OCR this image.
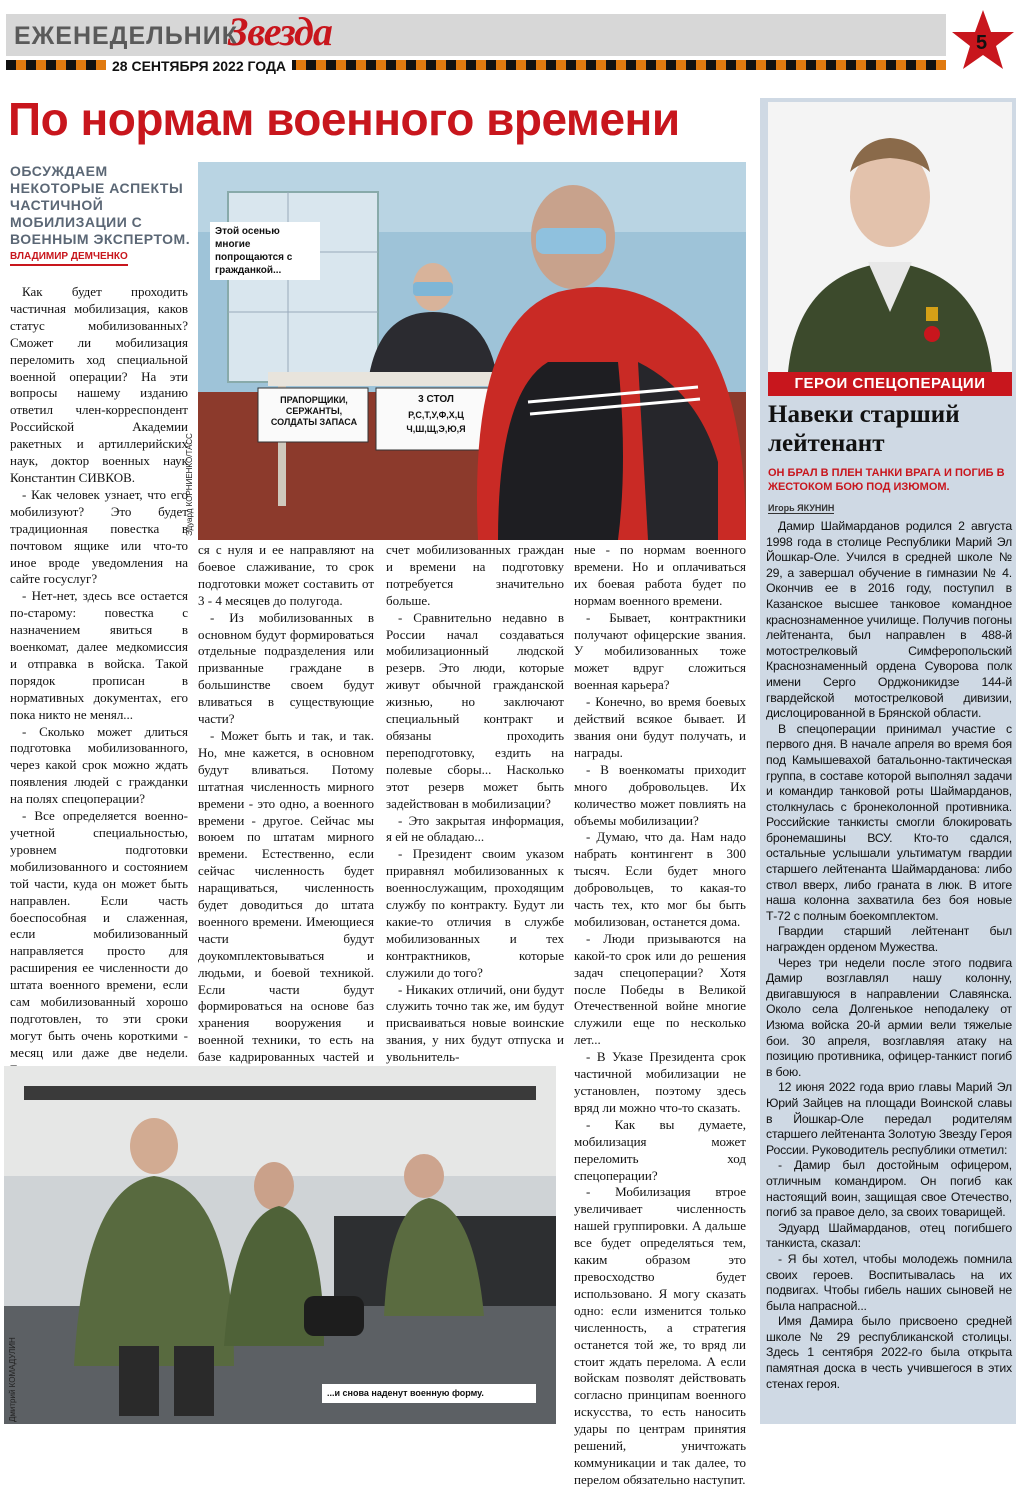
ЕЖЕНЕДЕЛЬНИК
Звезда
28 СЕНТЯБРЯ 2022 ГОДА
5
По нормам военного времени
ОБСУЖДАЕМ НЕКОТОРЫЕ АСПЕКТЫ ЧАСТИЧНОЙ МОБИЛИЗАЦИИ С ВОЕННЫМ ЭКСПЕРТОМ.
ВЛАДИМИР ДЕМЧЕНКО
ПРАПОРЩИКИ, СЕРЖАНТЫ, СОЛДАТЫ ЗАПАСА
3 СТОЛ
Р,С,Т,У,Ф,Х,Ц Ч,Ш,Щ,Э,Ю,Я
Этой осенью многие попрощаются с гражданкой...
Эдуард КОРНИЕНКО/ТАСС

Как будет проходить частичная мобилизация, каков статус мобилизованных? Сможет ли мобилизация переломить ход специальной военной операции? На эти вопросы нашему изданию ответил член-корреспондент Российской Академии ракетных и артиллерийских наук, доктор военных наук Константин СИВКОВ.

- Как человек узнает, что его мобилизуют? Это будет традиционная повестка в почтовом ящике или что-то иное вроде уведомления на сайте госуслуг?

- Нет-нет, здесь все остается по-старому: повестка с назначением явиться в военкомат, далее медкомиссия и отправка в войска. Такой порядок прописан в нормативных документах, его пока никто не менял...

- Сколько может длиться подготовка мобилизованного, через какой срок можно ждать появления людей с гражданки на полях спецоперации?

- Все определяется военно-учетной специальностью, уровнем подготовки мобилизованного и состоянием той части, куда он может быть направлен. Если часть боеспособная и слаженная, если мобилизованный направляется просто для расширения ее численности до штата военного времени, если сам мобилизованный хорошо подготовлен, то эти сроки могут быть очень короткими - месяц или даже две недели.

ся с нуля и ее направляют на боевое слаживание, то срок подготовки может составить от 3 - 4 месяцев до полугода.

- Из мобилизованных в основном будут формироваться отдельные подразделения или призванные граждане в большинстве своем будут вливаться в существующие части?

- Может быть и так, и так. Но, мне кажется, в основном будут вливаться. Потому штатная численность мирного времени - это одно, а военного времени - другое. Сейчас мы воюем по штатам мирного времени. Естественно, если сейчас численность будет наращиваться, численность будет доводиться до штата военного времени. Имеющиеся части будут доукомплектовываться и людьми, и боевой техникой. Если части будут формироваться на основе баз хранения вооружения и военной техники, то есть на базе кадрированных частей и

счет мобилизованных граждан и времени на подготовку потребуется значительно больше.

- Сравнительно недавно в России начал создаваться мобилизационный людской резерв. Это люди, которые живут обычной гражданской жизнью, но заключают специальный контракт и обязаны проходить переподготовку, ездить на полевые сборы... Насколько этот резерв может быть задействован в мобилизации?

- Это закрытая информация, я ей не обладаю...

- Президент своим указом приравнял мобилизованных к военнослужащим, проходящим службу по контракту. Будут ли какие-то отличия в службе мобилизованных и тех контрактников, которые служили до того?

- Никаких отличий, они будут служить точно так же, им будут присваиваться новые воинские звания, у них будут отпуска и увольнитель-

ные - по нормам военного времени. Но и оплачиваться их боевая работа будет по нормам военного времени.

- Бывает, контрактники получают офицерские звания. У мобилизованных тоже может вдруг сложиться военная карьера?

- Конечно, во время боевых действий всякое бывает. И звания они будут получать, и награды.

- В военкоматы приходит много добровольцев. Их количество может повлиять на объемы мобилизации?

- Думаю, что да. Нам надо набрать контингент в 300 тысяч. Если будет много добровольцев, то какая-то часть тех, кто мог бы быть мобилизован, останется дома.

- Люди призываются на какой-то срок или до решения задач спецоперации? Хотя после Победы в Великой Отечественной войне многие служили еще по несколько лет...

- В Указе Президента срок частичной мобилизации не установлен, поэтому здесь вряд ли можно что-то сказать.

- Как вы думаете, мобилизация может переломить ход спецоперации?

- Мобилизация втрое увеличивает численность нашей группировки. А дальше все будет определяться тем, каким образом это превосходство будет использовано. Я могу сказать одно: если изменится только численность, а стратегия останется той же, то вряд ли стоит ждать перелома. А если войскам позволят действовать согласно принципам военного искусства, то есть наносить удары по центрам принятия решений, уничтожать коммуникации и так далее, то перелом обязательно наступит.

...и снова наденут военную форму.
Дмитрий КОМАДУЛИН
ГЕРОИ СПЕЦОПЕРАЦИИ
Навеки старший лейтенант
ОН БРАЛ В ПЛЕН ТАНКИ ВРАГА И ПОГИБ В ЖЕСТОКОМ БОЮ ПОД ИЗЮМОМ.
Игорь ЯКУНИН

Дамир Шаймарданов родился 2 августа 1998 года в столице Республики Марий Эл Йошкар-Оле. Учился в средней школе № 29, а завершал обучение в гимназии № 4. Окончив ее в 2016 году, поступил в Казанское высшее танковое командное краснознаменное училище. Получив погоны лейтенанта, был направлен в 488-й мотострелковый Симферопольский Краснознаменный ордена Суворова полк имени Серго Орджоникидзе 144-й гвардейской мотострелковой дивизии, дислоцированной в Брянской области.

В спецоперации принимал участие с первого дня. В начале апреля во время боя под Камышевахой батальонно-тактическая группа, в составе которой выполнял задачи и командир танковой роты Шаймарданов, столкнулась с бронеколонной противника. Российские танкисты смогли блокировать бронемашины ВСУ. Кто-то сдался, остальные услышали ультиматум гвардии старшего лейтенанта Шаймарданова: либо ствол вверх, либо граната в люк. В итоге наша колонна захватила без боя новые Т-72 с полным боекомплектом.

Гвардии старший лейтенант был награжден орденом Мужества.

Через три недели после этого подвига Дамир возглавлял нашу колонну, двигавшуюся в направлении Славянска. Около села Долгенькое неподалеку от Изюма войска 20-й армии вели тяжелые бои. 30 апреля, возглавляя атаку на позицию противника, офицер-танкист погиб в бою.

12 июня 2022 года врио главы Марий Эл Юрий Зайцев на площади Воинской славы в Йошкар-Оле передал родителям старшего лейтенанта Золотую Звезду Героя России. Руководитель республики отметил:

- Дамир был достойным офицером, отличным командиром. Он погиб как настоящий воин, защищая свое Отечество, погиб за правое дело, за своих товарищей.

Эдуард Шаймарданов, отец погибшего танкиста, сказал:

- Я бы хотел, чтобы молодежь помнила своих героев. Воспитывалась на их подвигах. Чтобы гибель наших сыновей не была напрасной...

Имя Дамира было присвоено средней школе № 29 республиканской столицы. Здесь 1 сентября 2022-го была открыта памятная доска в честь учившегося в этих стенах героя.
